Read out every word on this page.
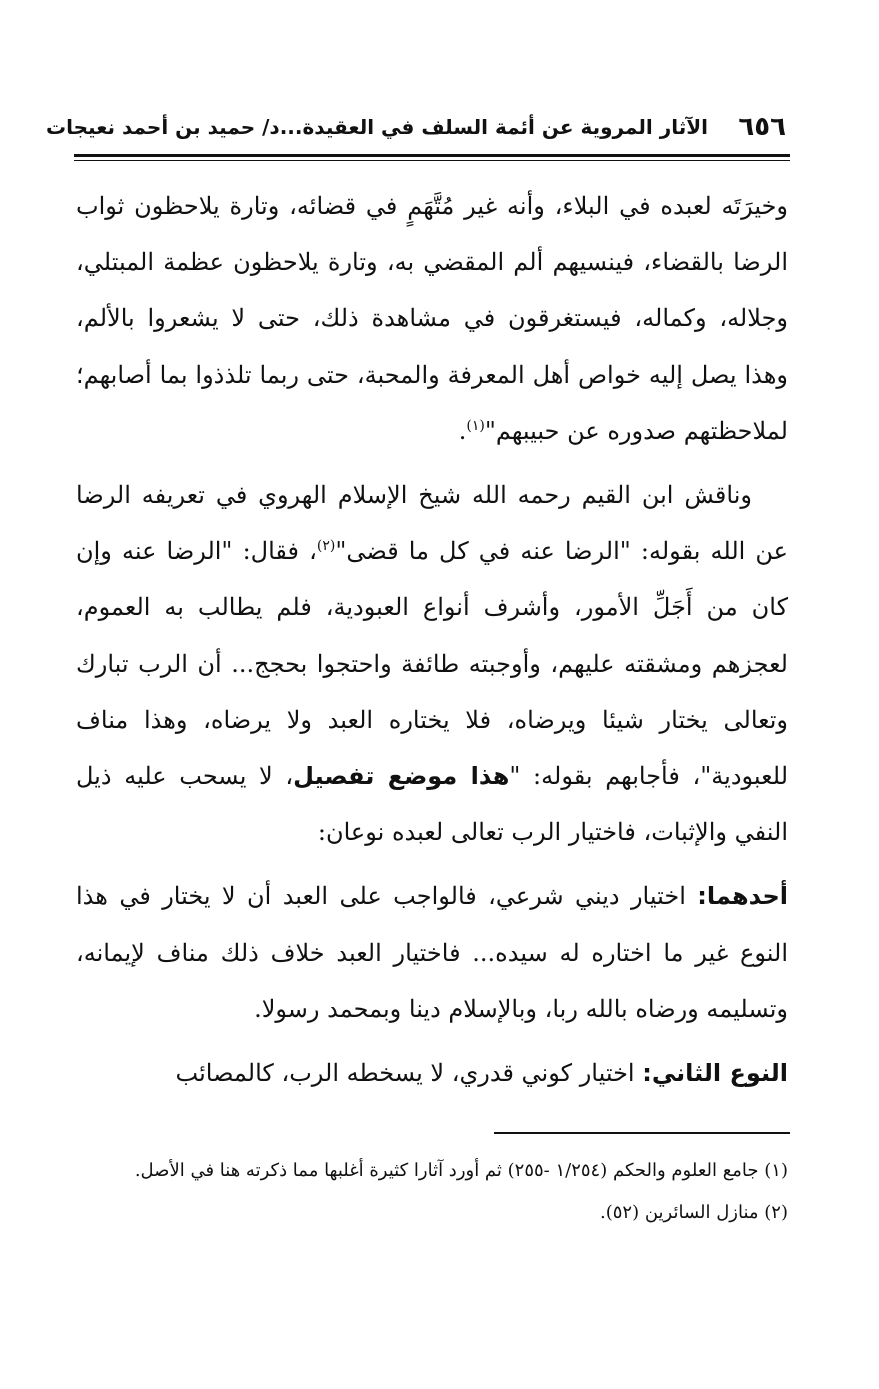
٦٥٦
الآثار المروية عن أئمة السلف في العقيدة...د/ حميد بن أحمد نعيجات

وخيرَتَه لعبده في البلاء، وأنه غير مُتَّهَمٍ في قضائه، وتارة يلاحظون ثواب الرضا بالقضاء، فينسيهم ألم المقضي به، وتارة يلاحظون عظمة المبتلي، وجلاله، وكماله، فيستغرقون في مشاهدة ذلك، حتى لا يشعروا بالألم، وهذا يصل إليه خواص أهل المعرفة والمحبة، حتى ربما تلذذوا بما أصابهم؛ لملاحظتهم صدوره عن حبيبهم"$^{(١)}$.

وناقش ابن القيم رحمه الله شيخ الإسلام الهروي في تعريفه الرضا عن الله بقوله: "الرضا عنه في كل ما قضى"$^{(٢)}$، فقال: "الرضا عنه وإن كان من أَجَلِّ الأمور، وأشرف أنواع العبودية، فلم يطالب به العموم، لعجزهم ومشقته عليهم، وأوجبته طائفة واحتجوا بحجج... أن الرب تبارك وتعالى يختار شيئا ويرضاه، فلا يختاره العبد ولا يرضاه، وهذا مناف للعبودية"، فأجابهم بقوله: "هذا موضع تفصيل، لا يسحب عليه ذيل النفي والإثبات، فاختيار الرب تعالى لعبده نوعان:

أحدهما: اختيار ديني شرعي، فالواجب على العبد أن لا يختار في هذا النوع غير ما اختاره له سيده... فاختيار العبد خلاف ذلك مناف لإيمانه، وتسليمه ورضاه بالله ربا، وبالإسلام دينا وبمحمد رسولا.

النوع الثاني: اختيار كوني قدري، لا يسخطه الرب، كالمصائب

(١) جامع العلوم والحكم (١/٢٥٤ -٢٥٥) ثم أورد آثارا كثيرة أغلبها مما ذكرته هنا في الأصل.

(٢) منازل السائرين (٥٢).
